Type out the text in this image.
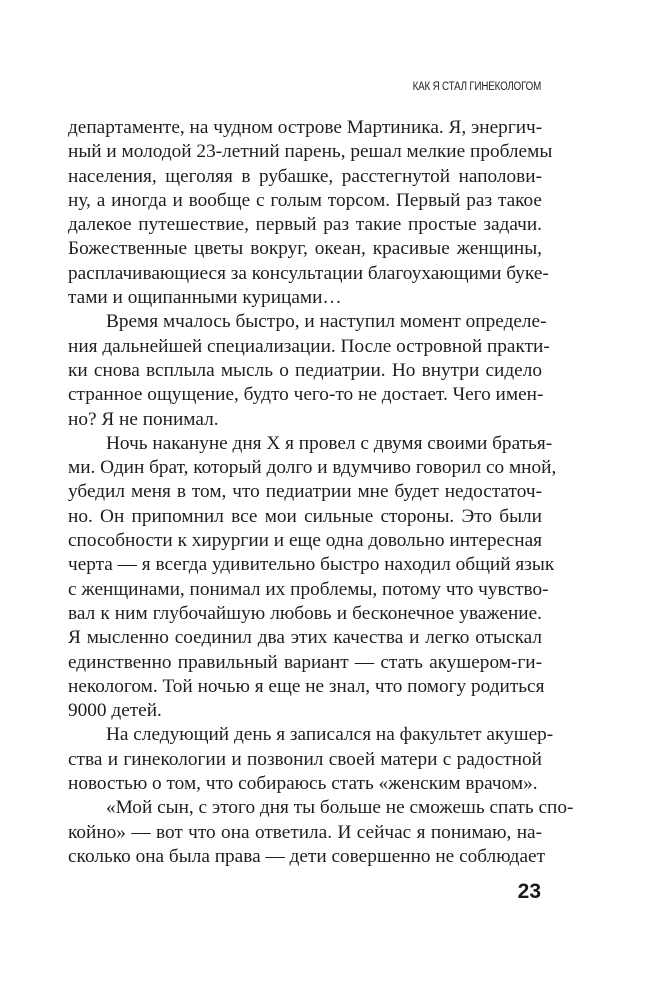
КАК Я СТАЛ ГИНЕКОЛОГОМ
департаменте, на чудном острове Мартиника. Я, энергич-
ный и молодой 23-летний парень, решал мелкие проблемы
населения, щеголяя в рубашке, расстегнутой наполови-
ну, а иногда и вообще с голым торсом. Первый раз такое
далекое путешествие, первый раз такие простые задачи.
Божественные цветы вокруг, океан, красивые женщины,
расплачивающиеся за консультации благоухающими буке-
тами и ощипанными курицами…
Время мчалось быстро, и наступил момент определе-
ния дальнейшей специализации. После островной практи-
ки снова всплыла мысль о педиатрии. Но внутри сидело
странное ощущение, будто чего-то не достает. Чего имен-
но? Я не понимал.
Ночь накануне дня X я провел с двумя своими братья-
ми. Один брат, который долго и вдумчиво говорил со мной,
убедил меня в том, что педиатрии мне будет недостаточ-
но. Он припомнил все мои сильные стороны. Это были
способности к хирургии и еще одна довольно интересная
черта — я всегда удивительно быстро находил общий язык
с женщинами, понимал их проблемы, потому что чувство-
вал к ним глубочайшую любовь и бесконечное уважение.
Я мысленно соединил два этих качества и легко отыскал
единственно правильный вариант — стать акушером-ги-
некологом. Той ночью я еще не знал, что помогу родиться
9000 детей.
На следующий день я записался на факультет акушер-
ства и гинекологии и позвонил своей матери с радостной
новостью о том, что собираюсь стать «женским врачом».
«Мой сын, с этого дня ты больше не сможешь спать спо-
койно» — вот что она ответила. И сейчас я понимаю, на-
сколько она была права — дети совершенно не соблюдает
23
